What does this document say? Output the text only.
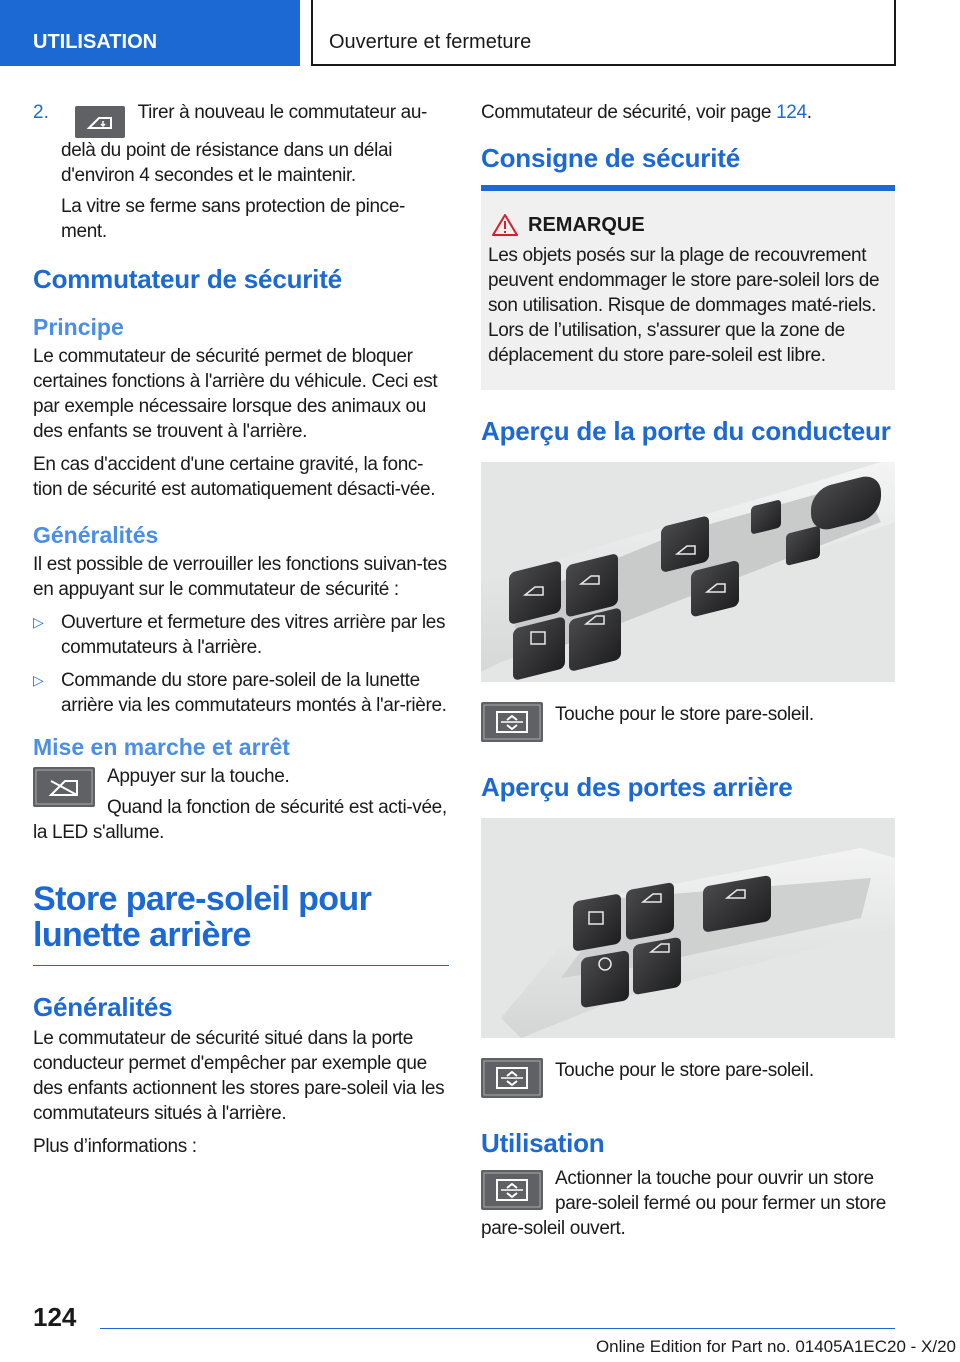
UTILISATION	Ouverture et fermeture
2.	Tirer à nouveau le commutateur au-delà du point de résistance dans un délai d'environ 4 secondes et le maintenir.

La vitre se ferme sans protection de pince-ment.

Commutateur de sécurité
Principe

Le commutateur de sécurité permet de bloquer certaines fonctions à l'arrière du véhicule. Ceci est par exemple nécessaire lorsque des animaux ou des enfants se trouvent à l'arrière.

En cas d'accident d'une certaine gravité, la fonc-tion de sécurité est automatiquement désacti-vée.

Généralités

Il est possible de verrouiller les fonctions suivan-tes en appuyant sur le commutateur de sécurité :

▷ Ouverture et fermeture des vitres arrière par les commutateurs à l'arrière.
▷ Commande du store pare-soleil de la lunette arrière via les commutateurs montés à l'ar-rière.
Mise en marche et arrêt

Appuyer sur la touche.

Quand la fonction de sécurité est acti-vée, la LED s'allume.

Store pare-soleil pour lunette arrière
Généralités

Le commutateur de sécurité situé dans la porte conducteur permet d'empêcher par exemple que des enfants actionnent les stores pare-soleil via les commutateurs situés à l'arrière.

Plus d’informations :

Commutateur de sécurité, voir page 124.

Consigne de sécurité
REMARQUE

Les objets posés sur la plage de recouvrement peuvent endommager le store pare-soleil lors de son utilisation. Risque de dommages maté-riels. Lors de l’utilisation, s'assurer que la zone de déplacement du store pare-soleil est libre.

Aperçu de la porte du conducteur

Touche pour le store pare-soleil.

Aperçu des portes arrière

Touche pour le store pare-soleil.

Utilisation

Actionner la touche pour ouvrir un store pare-soleil fermé ou pour fermer un store pare-soleil ouvert.

124
Online Edition for Part no. 01405A1EC20 - X/20
